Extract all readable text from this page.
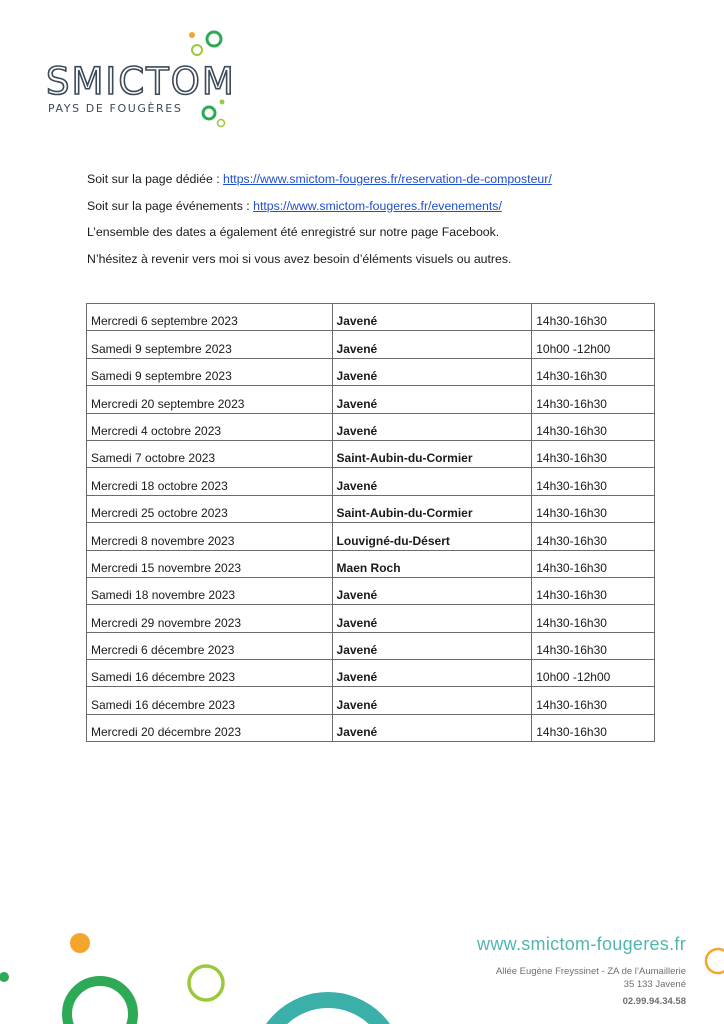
SMICTOM
PAYS DE FOUGÈRES

Soit sur la page dédiée : https://www.smictom-fougeres.fr/reservation-de-composteur/

Soit sur la page événements : https://www.smictom-fougeres.fr/evenements/

L’ensemble des dates a également été enregistré sur notre page Facebook.

N’hésitez à revenir vers moi si vous avez besoin d’éléments visuels ou autres.

Mercredi 6 septembre 2023	Javené	14h30-16h30
Samedi 9 septembre 2023	Javené	10h00 -12h00
Samedi 9 septembre 2023	Javené	14h30-16h30
Mercredi 20 septembre 2023	Javené	14h30-16h30
Mercredi 4 octobre 2023	Javené	14h30-16h30
Samedi 7 octobre 2023	Saint-Aubin-du-Cormier	14h30-16h30
Mercredi 18 octobre 2023	Javené	14h30-16h30
Mercredi 25 octobre 2023	Saint-Aubin-du-Cormier	14h30-16h30
Mercredi 8 novembre 2023	Louvigné-du-Désert	14h30-16h30
Mercredi 15 novembre 2023	Maen Roch	14h30-16h30
Samedi 18 novembre 2023	Javené	14h30-16h30
Mercredi 29 novembre 2023	Javené	14h30-16h30
Mercredi 6 décembre 2023	Javené	14h30-16h30
Samedi 16 décembre 2023	Javené	10h00 -12h00
Samedi 16 décembre 2023	Javené	14h30-16h30
Mercredi 20 décembre 2023	Javené	14h30-16h30
www.smictom-fougeres.fr
Allée Eugène Freyssinet - ZA de l’Aumaillerie
35 133 Javené
02.99.94.34.58
